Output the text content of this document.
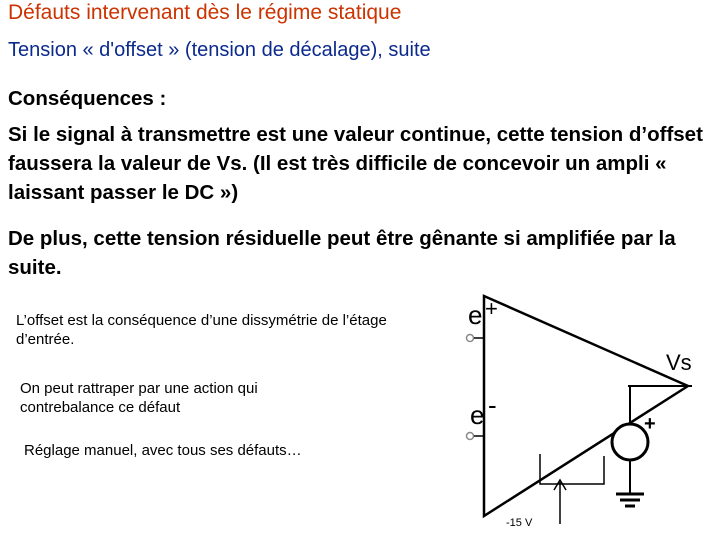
Défauts intervenant dès le régime statique
Tension « d'offset » (tension de décalage), suite
Conséquences :
Si le signal à transmettre est une valeur continue, cette tension d’offset faussera la valeur de Vs. (Il est très difficile de concevoir un ampli « laissant passer le DC »)
De plus, cette tension résiduelle peut être gênante si amplifiée par la suite.
L’offset est la conséquence d’une dissymétrie de l’étage d’entrée.
On peut rattraper par une action qui contrebalance ce défaut
Réglage manuel, avec tous ses défauts…
e +
e -
Vs
+
-15 V
